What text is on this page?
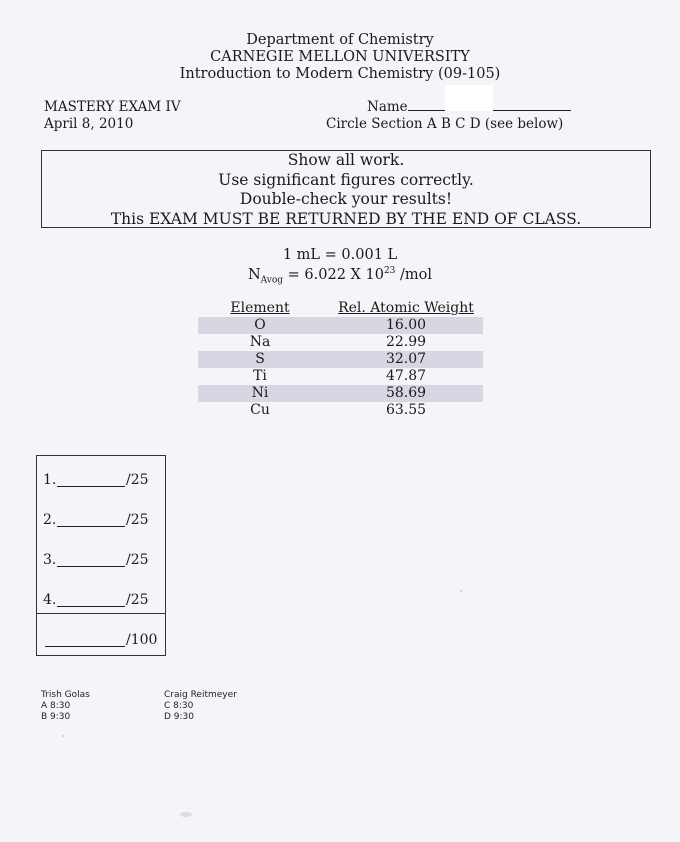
Department of Chemistry
CARNEGIE MELLON UNIVERSITY
Introduction to Modern Chemistry (09-105)
MASTERY EXAM IV
April 8, 2010
Name
Circle Section A B C D (see below)
Show all work.
Use significant figures correctly.
Double-check your results!
This EXAM MUST BE RETURNED BY THE END OF CLASS.
1 mL = 0.001 L
$N_{Avog} = 6.022$ X $10^{23}$ /mol
Element	Rel. Atomic Weight
O	16.00
Na	22.99
S	32.07
Ti	47.87
Ni	58.69
Cu	63.55
1.	/25
2.	/25
3.	/25
4.	/25
/100
Trish Golas
A 8:30
B 9:30
Craig Reitmeyer
C 8:30
D 9:30
